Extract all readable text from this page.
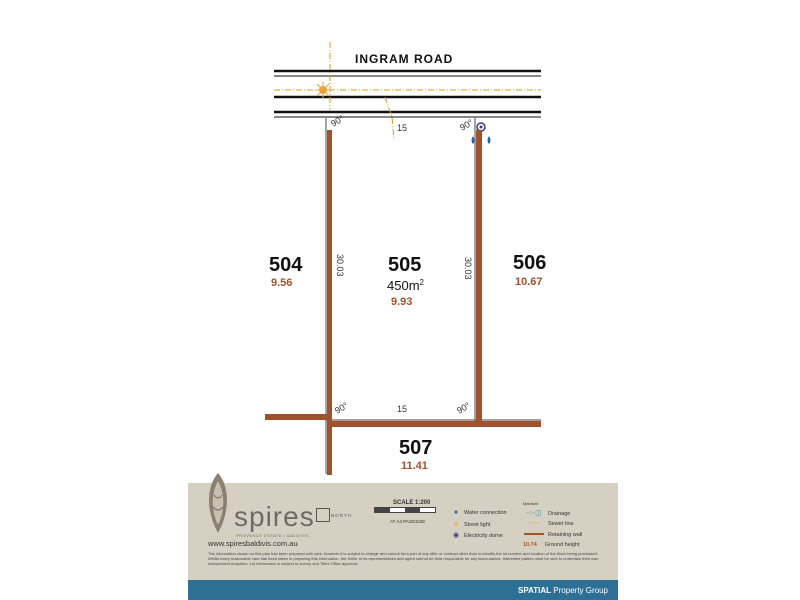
INGRAM ROAD
15
15
30.03	30.03
90°	90°
90°	90°
504
9.56
505
$450m^2$
9.93
506
10.67
507
11.41
spires
PROVENCE ESTATE • BALDIVIS
www.spiresbaldivis.com.au
The information shown on this plan has been prepared with care, however it is subject to change and cannot form part of any offer or contract other than to identify the lot number and location of the block being purchased. Whilst every reasonable care has been taken in preparing this information, the Seller or its representatives and agent cannot be held responsible for any inaccuracies. Interested parties must be sure to undertake their own independent enquiries. Lot information is subject to survey and Titles Office approval.
NORTH
SCALE 1:200
AT A4 PAGESIZE
● Water connection
✳ Street light
◉ Electricity dome
Manhole
-○-◫ Drainage
-·-·- Sewer line
Retaining wall
10.74 Ground height
SPATIAL Property Group
